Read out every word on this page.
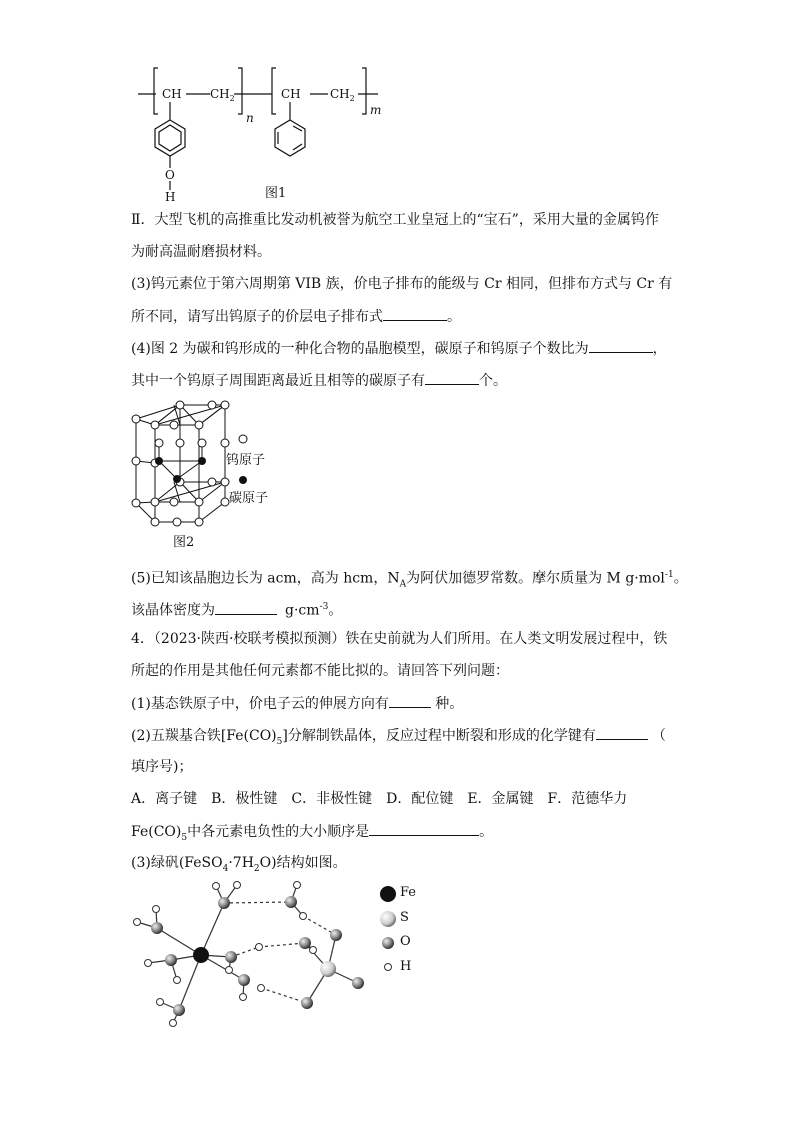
CH $CH_2$
n
CH $CH_2$
m
O
H	图1
Ⅱ．大型飞机的高推重比发动机被誉为航空工业皇冠上的“宝石”，采用大量的金属钨作
为耐高温耐磨损材料。
(3)钨元素位于第六周期第 VIB 族，价电子排布的能级与 Cr 相同，但排布方式与 Cr 有
所不同，请写出钨原子的价层电子排布式	。
(4)图 2 为碳和钨形成的一种化合物的晶胞模型，碳原子和钨原子个数比为	，
其中一个钨原子周围距离最近且相等的碳原子有	个。
钨原子
碳原子
图2
(5)已知该晶胞边长为 acm，高为 hcm，$N_A$为阿伏加德罗常数。摩尔质量为 M g·mol$^{-1}$。
该晶体密度为	$g\cdot cm^{-3}$。
4．（2023·陕西·校联考模拟预测）铁在史前就为人们所用。在人类文明发展过程中，铁
所起的作用是其他任何元素都不能比拟的。请回答下列问题：
(1)基态铁原子中，价电子云的伸展方向有	种。
(2)五羰基合铁$[Fe(CO)_5]$分解制铁晶体，反应过程中断裂和形成的化学键有	（
填序号)；
A．离子键　B．极性键　C．非极性键　D．配位键　E．金属键　F．范德华力
$Fe(CO)_5$中各元素电负性的大小顺序是	。
(3)绿矾$(FeSO_4\cdot 7H_2O)$结构如图。
Fe
S
O
H
